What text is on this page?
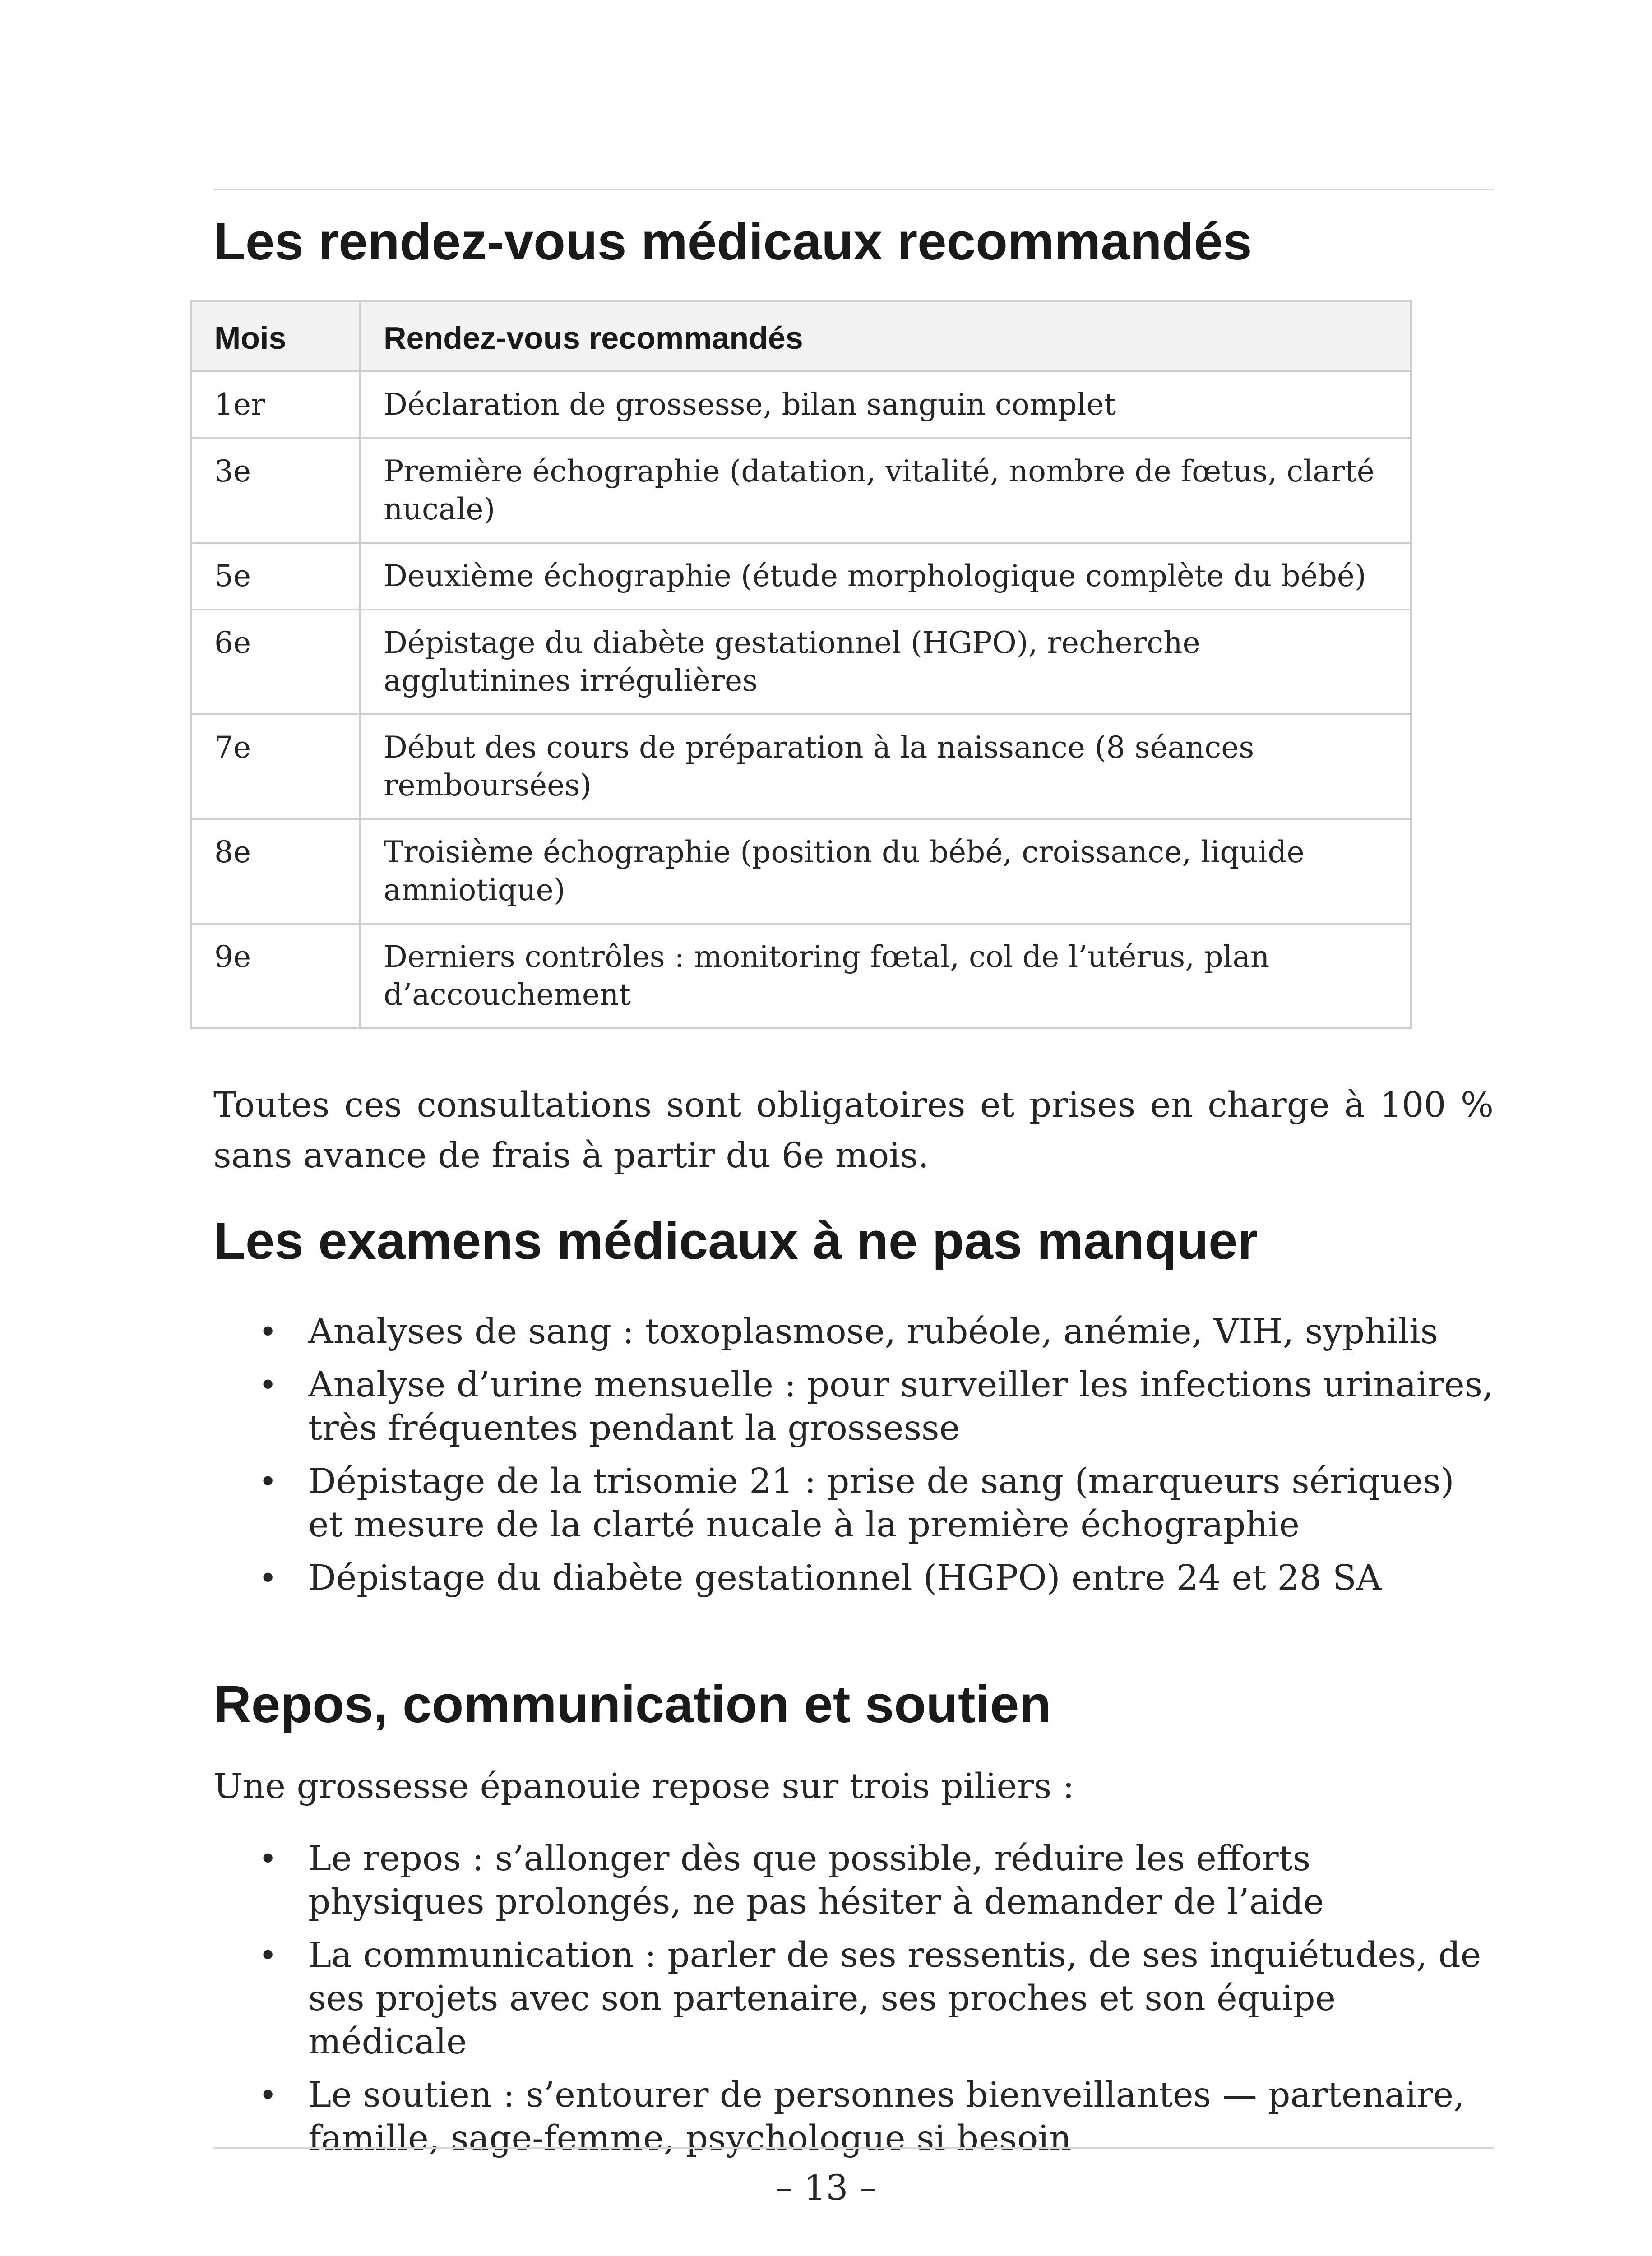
Les rendez-vous médicaux recommandés
Mois	Rendez-vous recommandés
1er	Déclaration de grossesse, bilan sanguin complet
3e	Première échographie (datation, vitalité, nombre de fœtus, clarté nucale)
5e	Deuxième échographie (étude morphologique complète du bébé)
6e	Dépistage du diabète gestationnel (HGPO), recherche agglutinines irrégulières
7e	Début des cours de préparation à la naissance (8 séances remboursées)
8e	Troisième échographie (position du bébé, croissance, liquide amniotique)
9e	Derniers contrôles : monitoring fœtal, col de l’utérus, plan d’accouchement

Toutes ces consultations sont obligatoires et prises en charge à 100 % sans avance de frais à partir du 6e mois.

Les examens médicaux à ne pas manquer
• Analyses de sang : toxoplasmose, rubéole, anémie, VIH, syphilis
• Analyse d’urine mensuelle : pour surveiller les infections urinaires, très fréquentes pendant la grossesse
• Dépistage de la trisomie 21 : prise de sang (marqueurs sériques) et mesure de la clarté nucale à la première échographie
• Dépistage du diabète gestationnel (HGPO) entre 24 et 28 SA
Repos, communication et soutien

Une grossesse épanouie repose sur trois piliers :

• Le repos : s’allonger dès que possible, réduire les efforts physiques prolongés, ne pas hésiter à demander de l’aide
• La communication : parler de ses ressentis, de ses inquiétudes, de ses projets avec son partenaire, ses proches et son équipe médicale
• Le soutien : s’entourer de personnes bienveillantes — partenaire, famille, sage-femme, psychologue si besoin
– 13 –
